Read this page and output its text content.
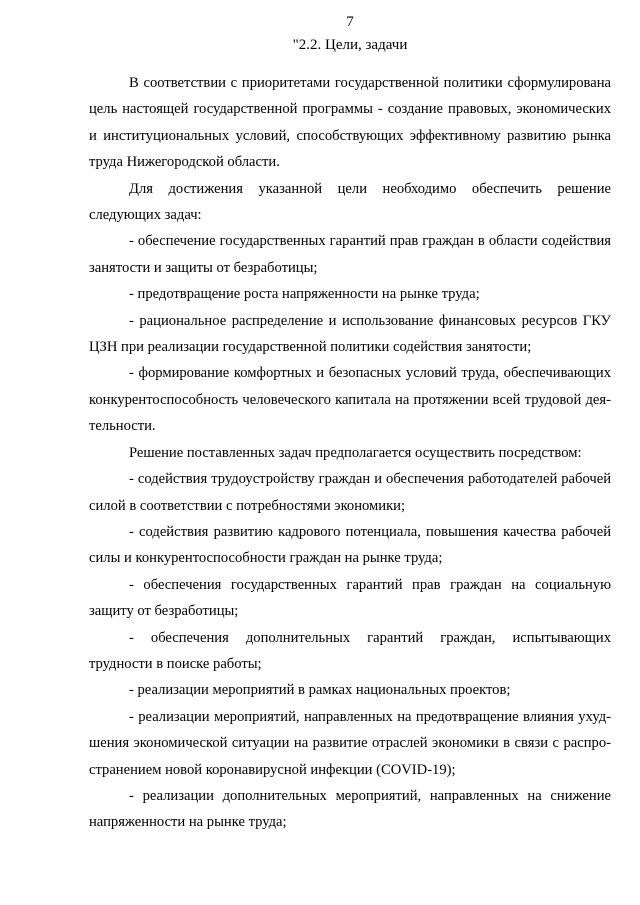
7

"2.2. Цели, задачи

В соответствии с приоритетами государственной политики сформулирована цель настоящей государственной программы - создание правовых, экономических и институциональных условий, способствующих эффективному развитию рынка труда Нижегородской области.

Для достижения указанной цели необходимо обеспечить решение следующих задач:

- обеспечение государственных гарантий прав граждан в области содействия занятости и защиты от безработицы;

- предотвращение роста напряженности на рынке труда;

- рациональное распределение и использование финансовых ресурсов ГКУ ЦЗН при реализации государственной политики содействия занятости;

- формирование комфортных и безопасных условий труда, обеспечивающих конкурентоспособность человеческого капитала на протяжении всей трудовой деятельности.

Решение поставленных задач предполагается осуществить посредством:

- содействия трудоустройству граждан и обеспечения работодателей рабочей силой в соответствии с потребностями экономики;

- содействия развитию кадрового потенциала, повышения качества рабочей силы и конкурентоспособности граждан на рынке труда;

- обеспечения государственных гарантий прав граждан на социальную защиту от безработицы;

- обеспечения дополнительных гарантий граждан, испытывающих трудности в поиске работы;

- реализации мероприятий в рамках национальных проектов;

- реализации мероприятий, направленных на предотвращение влияния ухудшения экономической ситуации на развитие отраслей экономики в связи с распространением новой коронавирусной инфекции (COVID-19);

- реализации дополнительных мероприятий, направленных на снижение напряженности на рынке труда;
